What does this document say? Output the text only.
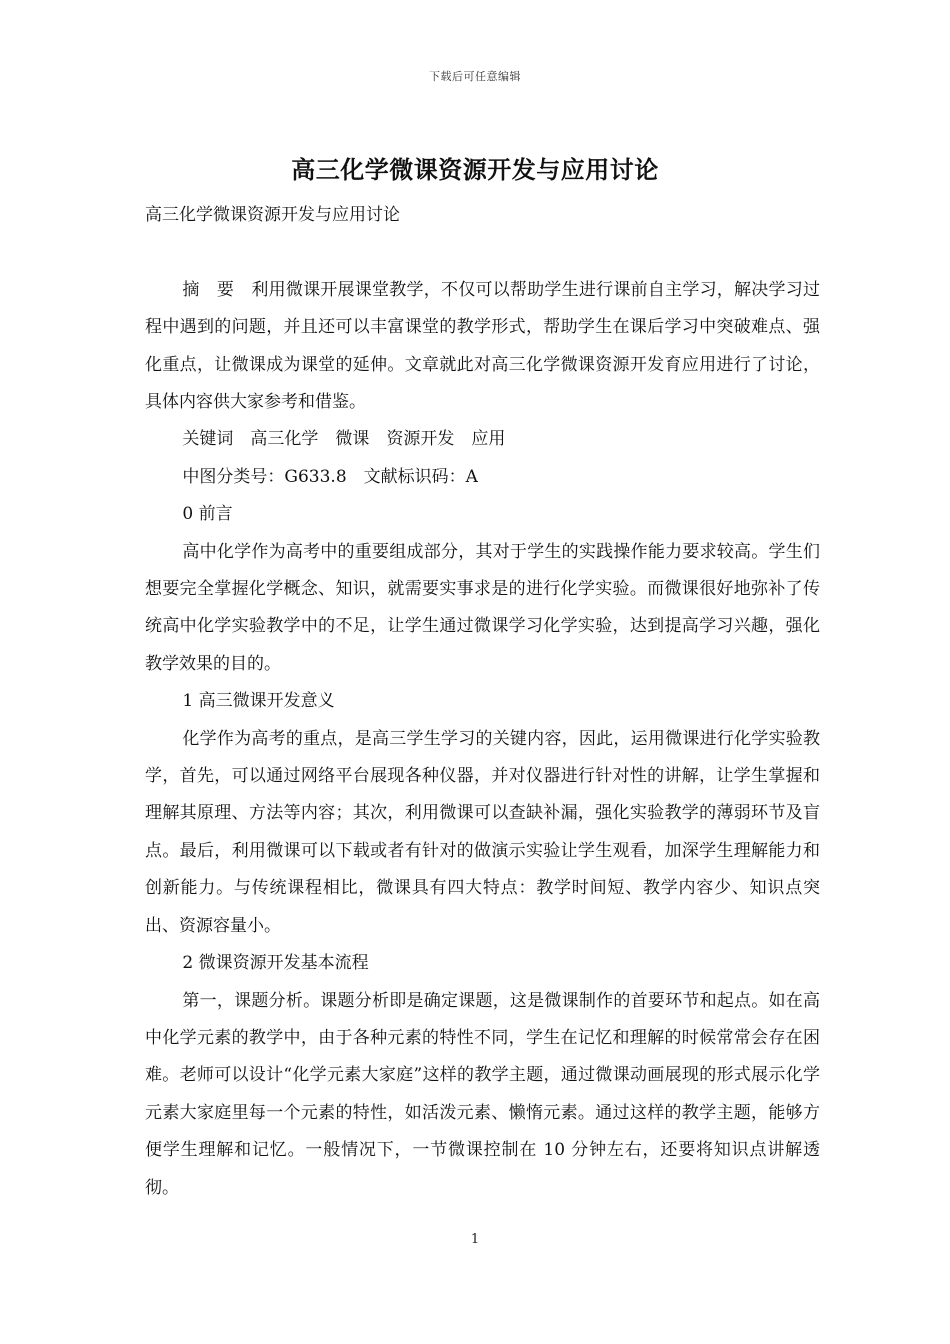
下载后可任意编辑
高三化学微课资源开发与应用讨论

高三化学微课资源开发与应用讨论

摘　要　利用微课开展课堂教学，不仅可以帮助学生进行课前自主学习，解决学习过程中遇到的问题，并且还可以丰富课堂的教学形式，帮助学生在课后学习中突破难点、强化重点，让微课成为课堂的延伸。文章就此对高三化学微课资源开发育应用进行了讨论，具体内容供大家参考和借鉴。

关键词　高三化学　微课　资源开发　应用

中图分类号：G633.8　文献标识码：A

0 前言

高中化学作为高考中的重要组成部分，其对于学生的实践操作能力要求较高。学生们想要完全掌握化学概念、知识，就需要实事求是的进行化学实验。而微课很好地弥补了传统高中化学实验教学中的不足，让学生通过微课学习化学实验，达到提高学习兴趣，强化教学效果的目的。

1 高三微课开发意义

化学作为高考的重点，是高三学生学习的关键内容，因此，运用微课进行化学实验教学，首先，可以通过网络平台展现各种仪器，并对仪器进行针对性的讲解，让学生掌握和理解其原理、方法等内容；其次，利用微课可以查缺补漏，强化实验教学的薄弱环节及盲点。最后，利用微课可以下载或者有针对的做演示实验让学生观看，加深学生理解能力和创新能力。与传统课程相比，微课具有四大特点：教学时间短、教学内容少、知识点突出、资源容量小。

2 微课资源开发基本流程

第一，课题分析。课题分析即是确定课题，这是微课制作的首要环节和起点。如在高中化学元素的教学中，由于各种元素的特性不同，学生在记忆和理解的时候常常会存在困难。老师可以设计“化学元素大家庭”这样的教学主题，通过微课动画展现的形式展示化学元素大家庭里每一个元素的特性，如活泼元素、懒惰元素。通过这样的教学主题，能够方便学生理解和记忆。一般情况下，一节微课控制在 10 分钟左右，还要将知识点讲解透彻。

1
